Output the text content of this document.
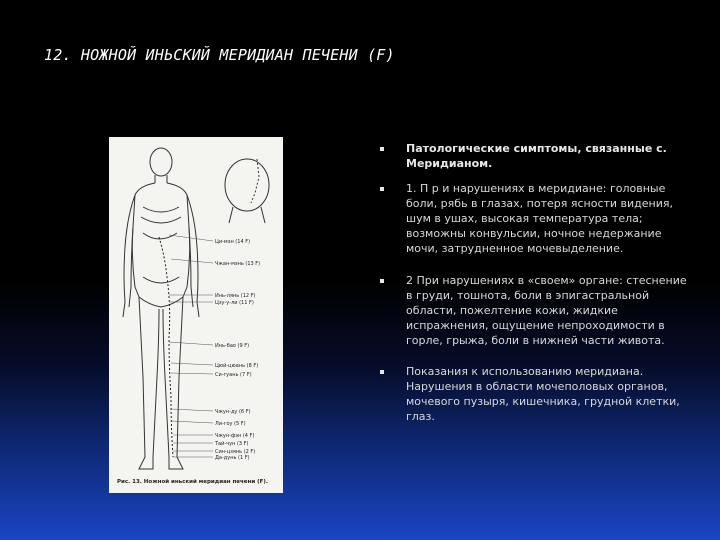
12. НОЖНОЙ ИНЬСКИЙ МЕРИДИАН ПЕЧЕНИ (F)
Ци-мэн (14 F)
Чжан-мэнь (13 F)
Инь-лянь (12 F)
Цзу-у-ли (11 F)
Инь-бао (9 F)
Цюй-цюань (8 F)
Си-гуань (7 F)
Чжун-ду (6 F)
Ли-гоу (5 F)
Чжун-фэн (4 F)
Тай-чун (3 F)
Син-цзянь (2 F)
Да-дунь (1 F)
Рис. 13. Ножной иньский меридиан печени (F).
Патологические симптомы, связанные с. Меридианом.
1. П р и нарушениях в меридиане: головные боли, рябь в глазах, потеря ясности видения, шум в ушах, высокая температура тела; возможны конвульсии, ночное недержание мочи, затрудненное мочевыделение.
2 При нарушениях в «своем» органе: стеснение в груди, тошнота, боли в эпигастральной области, пожелтение кожи, жидкие испражнения, ощущение непроходимости в горле, грыжа, боли в нижней части живота.
Показания к использованию меридиана. Нарушения в области мочеполовых органов, мочевого пузыря, кишечника, грудной клетки, глаз.
